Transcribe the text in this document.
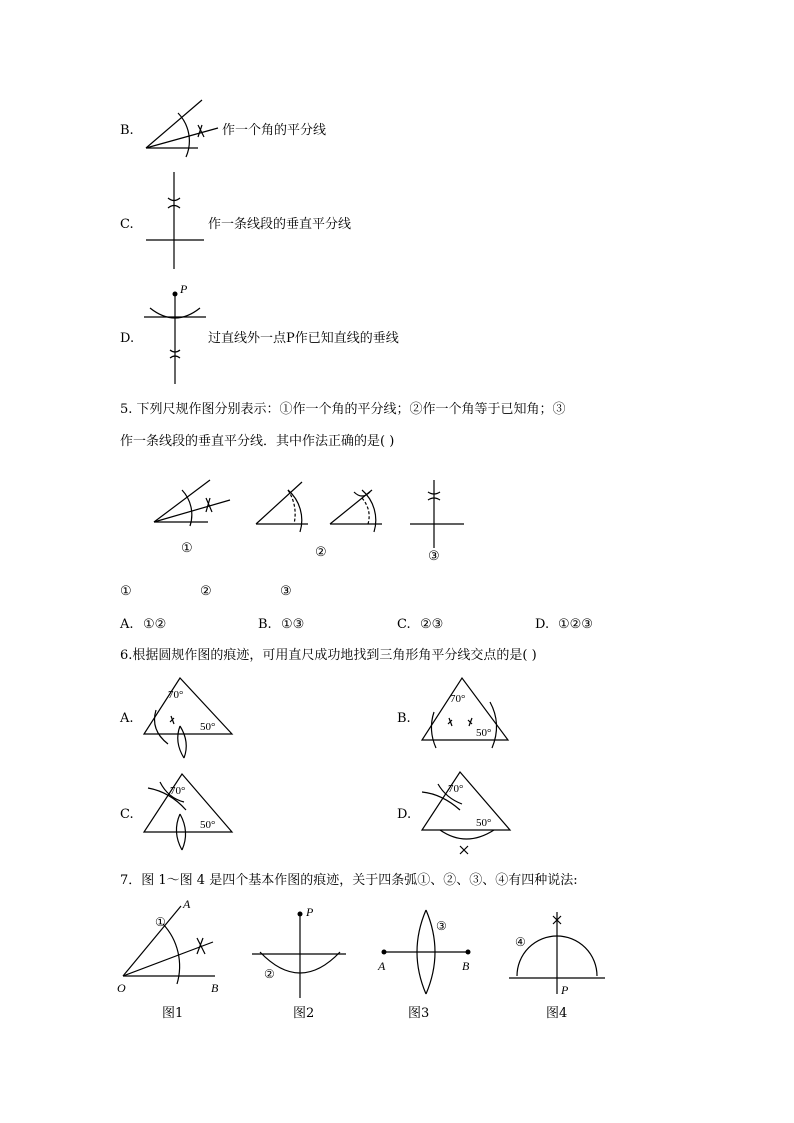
B.	作一个角的平分线
C.	作一条线段的垂直平分线
D.
P
过直线外一点P作已知直线的垂线
5. 下列尺规作图分别表示：①作一个角的平分线；②作一个角等于已知角；③
作一条线段的垂直平分线．其中作法正确的是( )
①	②	③
①	②	③
A. ①②	B. ①③	C. ②③	D. ①②③
6.根据圆规作图的痕迹，可用直尺成功地找到三角形角平分线交点的是( )
A.
70°
50°
B.
70°
50°
C.
70°
50°
D.
70°
50°
7．图 1～图 4 是四个基本作图的痕迹，关于四条弧①、②、③、④有四种说法:
A
①
O	B
图1
P
②
图2
③
A	B
图3
④
P
图4
